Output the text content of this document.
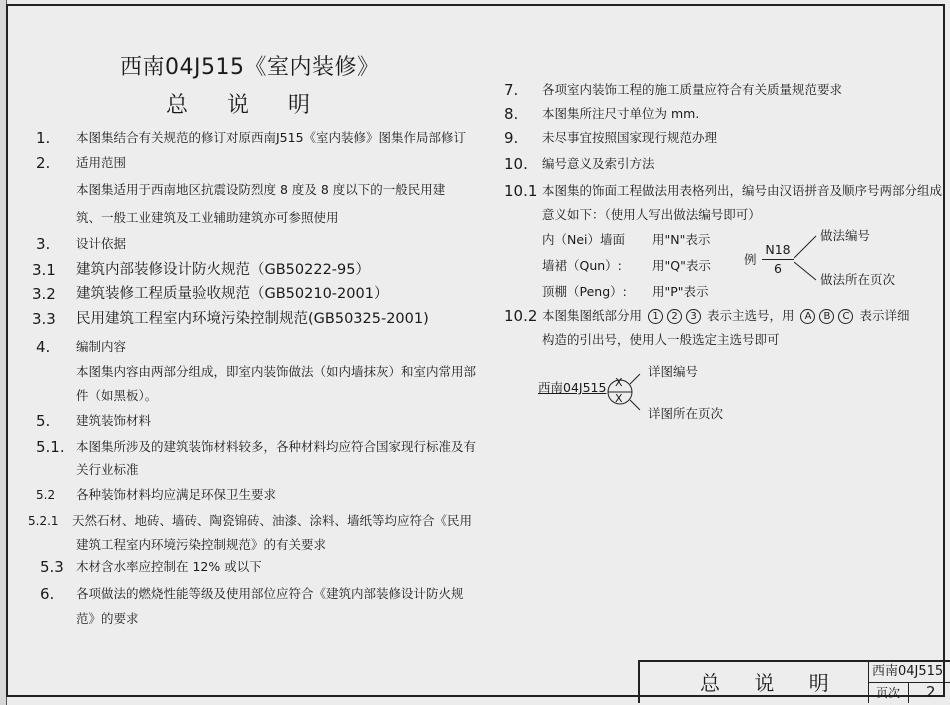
西南04J515《室内装修》
总 说 明
1. 本图集结合有关规范的修订对原西南J515《室内装修》图集作局部修订
2. 适用范围
本图集适用于西南地区抗震设防烈度 8 度及 8 度以下的一般民用建
筑、一般工业建筑及工业辅助建筑亦可参照使用
3. 设计依据
3.1 建筑内部装修设计防火规范（GB50222-95）
3.2 建筑装修工程质量验收规范（GB50210-2001）
3.3 民用建筑工程室内环境污染控制规范(GB50325-2001)
4. 编制内容
本图集内容由两部分组成，即室内装饰做法（如内墙抹灰）和室内常用部
件（如黑板）。
5. 建筑装饰材料
5.1. 本图集所涉及的建筑装饰材料较多，各种材料均应符合国家现行标准及有
关行业标准
5.2 各种装饰材料均应满足环保卫生要求
5.2.1 天然石材、地砖、墙砖、陶瓷锦砖、油漆、涂料、墙纸等均应符合《民用
建筑工程室内环境污染控制规范》的有关要求
5.3 木材含水率应控制在 12% 或以下
6. 各项做法的燃烧性能等级及使用部位应符合《建筑内部装修设计防火规
范》的要求
7. 各项室内装饰工程的施工质量应符合有关质量规范要求
8. 本图集所注尺寸单位为 mm.
9. 未尽事宜按照国家现行规范办理
10. 编号意义及索引方法
10.1 本图集的饰面工程做法用表格列出，编号由汉语拼音及顺序号两部分组成
意义如下：（使用人写出做法编号即可）
内（Nei）墙面 用"N"表示
墙裙（Qun）: 用"Q"表示
顶棚（Peng）: 用"P"表示
例
N18
6
做法编号
做法所在页次
10.2 本图集图纸部分用 1 2 3 表示主选号，用 A B C 表示详细
构造的引出号，使用人一般选定主选号即可
西南04J515 X
X
详图编号
详图所在页次
总 说 明 西南04J515
页次 2
